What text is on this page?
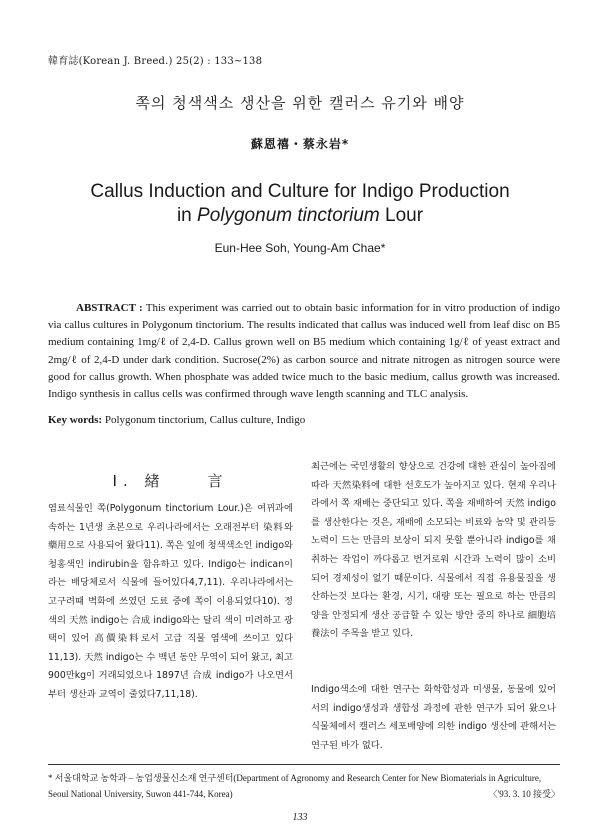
韓育誌(Korean J. Breed.) 25(2) : 133~138
쪽의 청색색소 생산을 위한 캘러스 유기와 배양
蘇恩禧・蔡永岩*
Callus Induction and Culture for Indigo Production
in Polygonum tinctorium Lour
Eun-Hee Soh, Young-Am Chae*
ABSTRACT : This experiment was carried out to obtain basic information for in vitro production of indigo via callus cultures in Polygonum tinctorium. The results indicated that callus was induced well from leaf disc on B5 medium containing 1mg/ℓ of 2,4-D. Callus grown well on B5 medium which containing 1g/ℓ of yeast extract and 2mg/ℓ of 2,4-D under dark condition. Sucrose(2%) as carbon source and nitrate nitrogen as nitrogen source were good for callus growth. When phosphate was added twice much to the basic medium, callus growth was increased. Indigo synthesis in callus cells was confirmed through wave length scanning and TLC analysis.
Key words: Polygonum tinctorium, Callus culture, Indigo
Ⅰ. 緖　　言
염료식물인 쪽(Polygonum tinctorium Lour.)은 여뀌과에 속하는 1년생 초본으로 우리나라에서는 오래전부터 染料와 藥用으로 사용되어 왔다11). 쪽은 잎에 청색색소인 indigo와 청홍색인 indirubin을 함유하고 있다. Indigo는 indican이라는 배당체로서 식물에 들어있다4,7,11). 우리나라에서는 고구려때 벽화에 쓰였던 도료 중에 쪽이 이용되었다10). 정색의 天然 indigo는 合成 indigo와는 달리 색이 미려하고 광택이 있어 高價染料로서 고급 직물 염색에 쓰이고 있다11,13). 天然 indigo는 수 백년 동안 무역이 되어 왔고, 최고 900만kg이 거래되었으나 1897년 合成 indigo가 나오면서부터 생산과 교역이 줄었다7,11,18).
최근에는 국민생활의 향상으로 건강에 대한 관심이 높아짐에 따라 天然染料에 대한 선호도가 높아지고 있다. 현재 우리나라에서 쪽 재배는 중단되고 있다. 쪽을 재배하여 天然 indigo를 생산한다는 것은, 재배에 소모되는 비료와 농약 및 관리등 노력이 드는 만큼의 보상이 되지 못할 뿐아니라 indigo를 채취하는 작업이 까다롭고 번거로워 시간과 노력이 많이 소비되어 경제성이 없기 때문이다. 식물에서 직접 유용물질을 생산하는것 보다는 환경, 시기, 대량 또는 필요로 하는 만큼의 양을 안정되게 생산 공급할 수 있는 방안 중의 하나로 細胞培養法이 주목을 받고 있다.
Indigo색소에 대한 연구는 화학합성과 미생물, 동물에 있어서의 indigo생성과 생합성 과정에 관한 연구가 되어 왔으나 식물체에서 캘러스 세포배양에 의한 indigo 생산에 관해서는 연구된 바가 없다.
* 서울대학교 농학과 – 농업생물신소재 연구센터(Department of Agronomy and Research Center for New Biomaterials in Agriculture, Seoul National University, Suwon 441-744, Korea)	〈'93. 3. 10 接受〉
133
